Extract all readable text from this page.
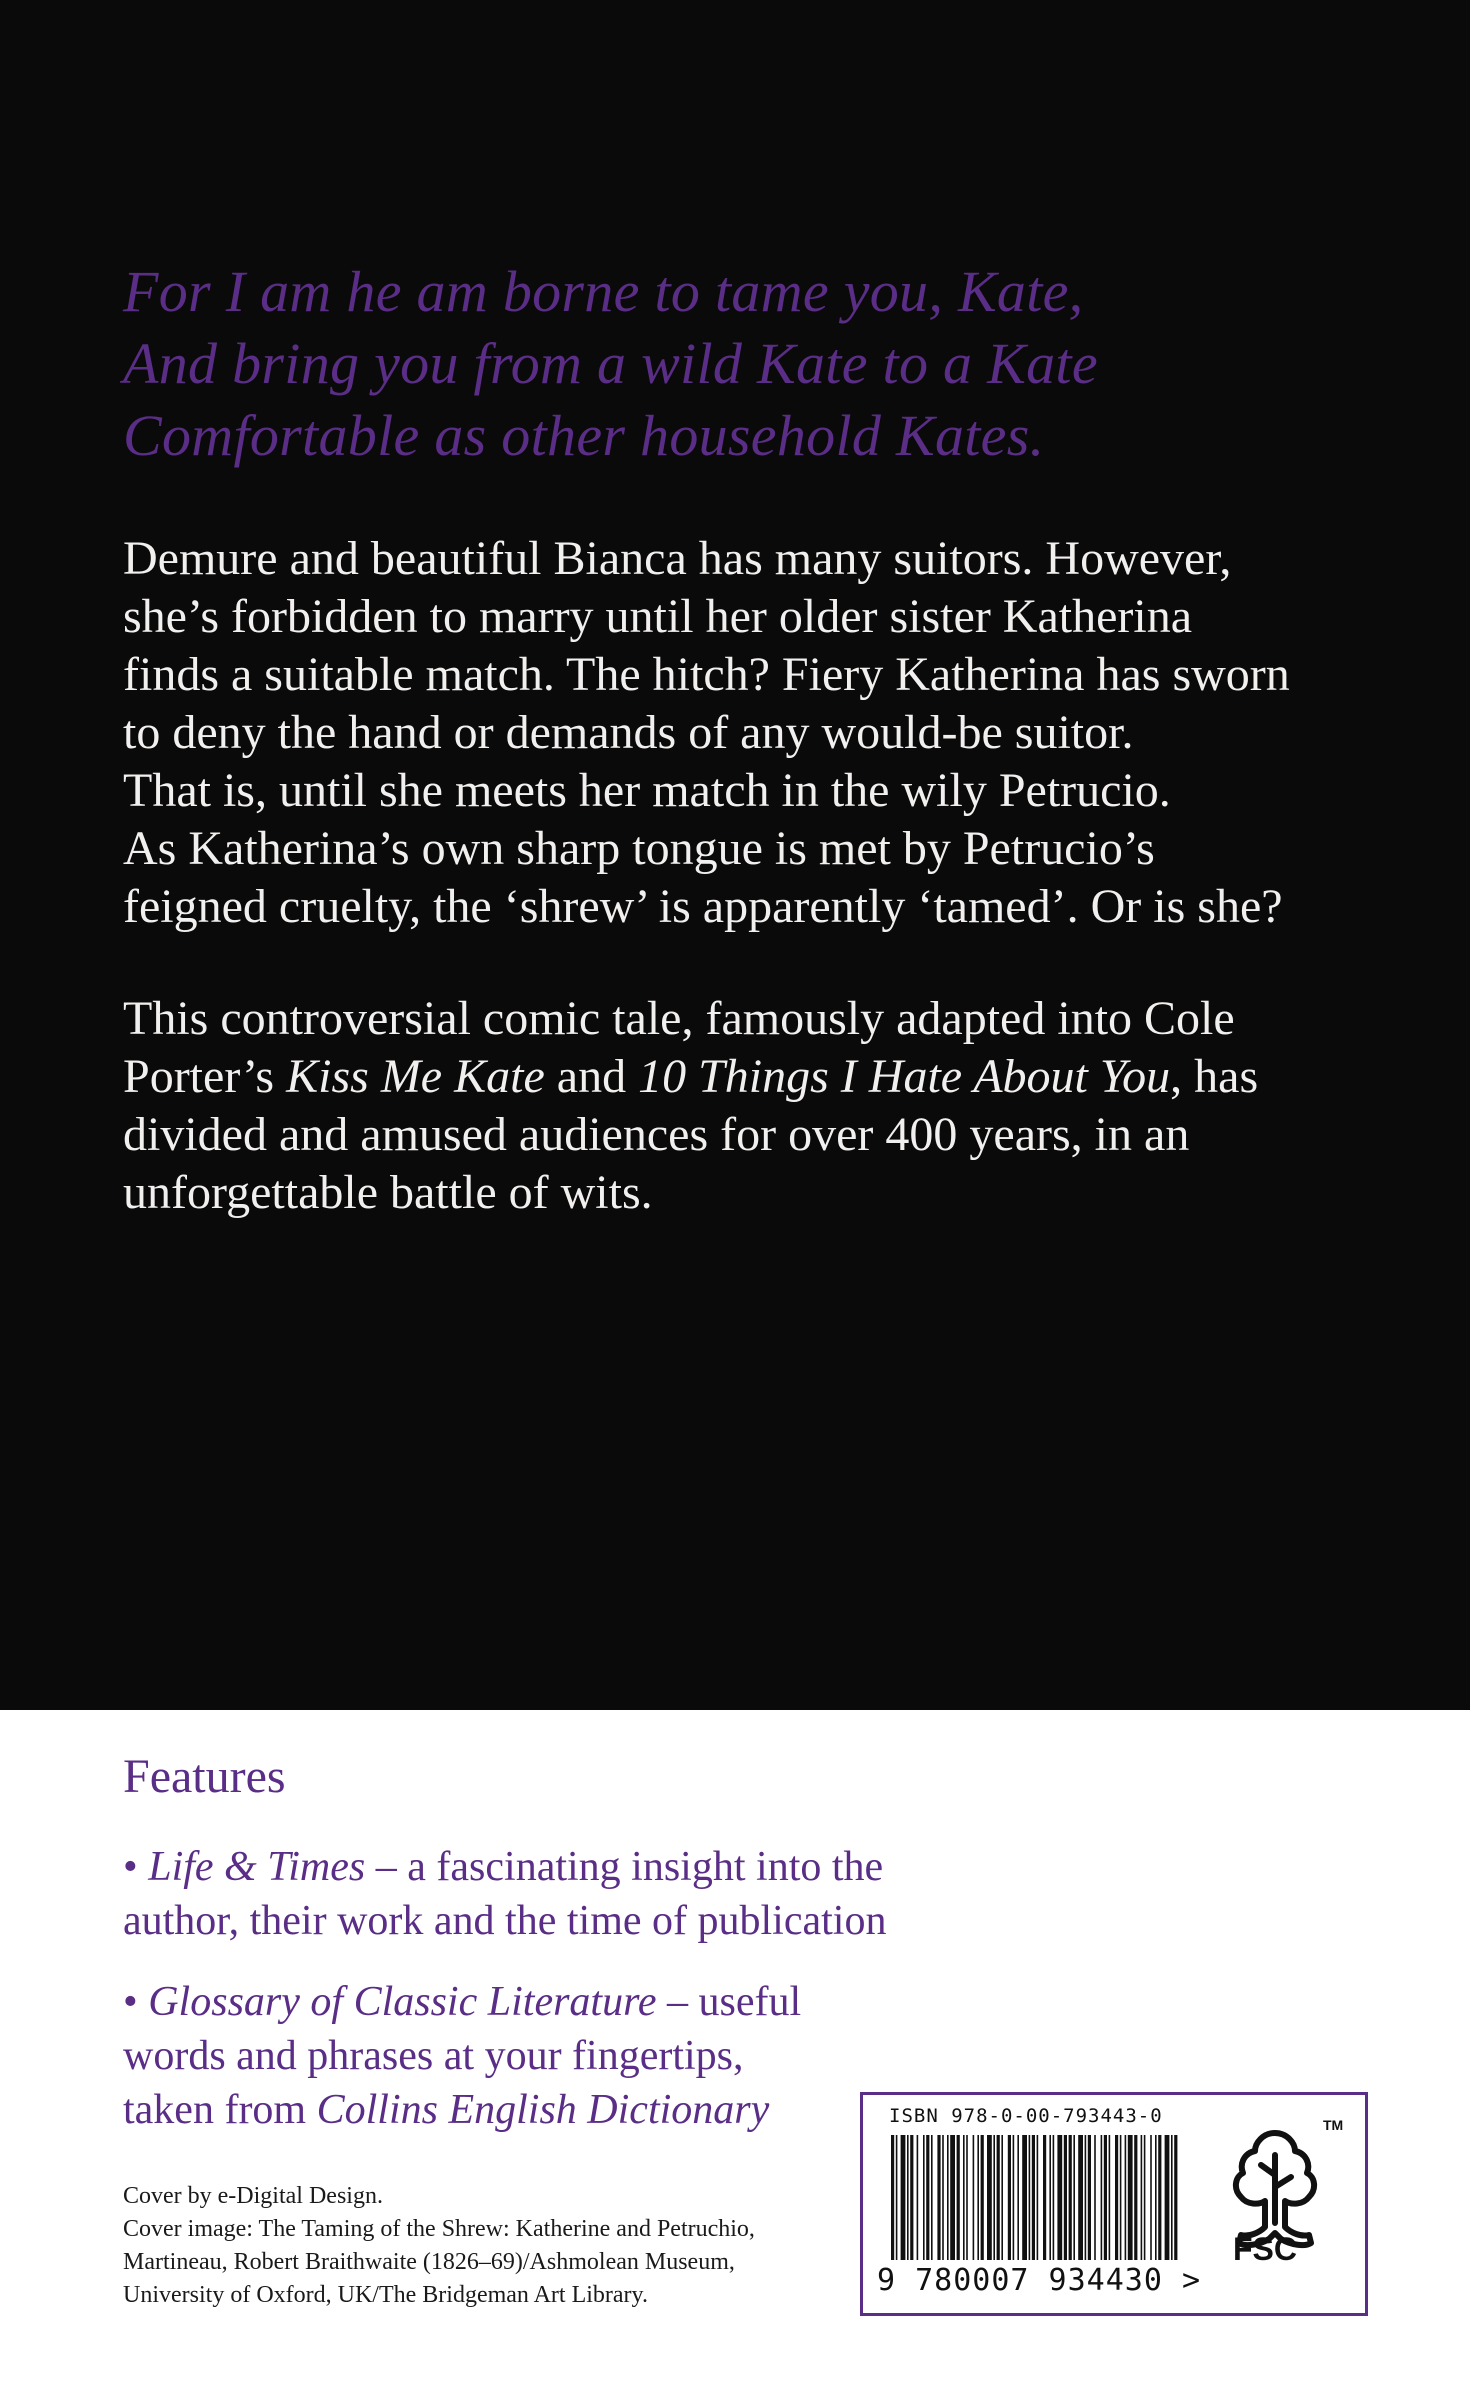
For I am he am borne to tame you, Kate,
And bring you from a wild Kate to a Kate
Comfortable as other household Kates.
Demure and beautiful Bianca has many suitors. However,
she’s forbidden to marry until her older sister Katherina
finds a suitable match. The hitch? Fiery Katherina has sworn
to deny the hand or demands of any would-be suitor.
That is, until she meets her match in the wily Petrucio.
As Katherina’s own sharp tongue is met by Petrucio’s
feigned cruelty, the ‘shrew’ is apparently ‘tamed’. Or is she?
This controversial comic tale, famously adapted into Cole
Porter’s Kiss Me Kate and 10 Things I Hate About You, has
divided and amused audiences for over 400 years, in an
unforgettable battle of wits.
Features
• Life & Times – a fascinating insight into the
author, their work and the time of publication
• Glossary of Classic Literature – useful
words and phrases at your fingertips,
taken from Collins English Dictionary
Cover by e-Digital Design.
Cover image: The Taming of the Shrew: Katherine and Petruchio,
Martineau, Robert Braithwaite (1826–69)/Ashmolean Museum,
University of Oxford, UK/The Bridgeman Art Library.
ISBN 978-0-00-793443-0
9 780007 934430 >
TM
FSC
